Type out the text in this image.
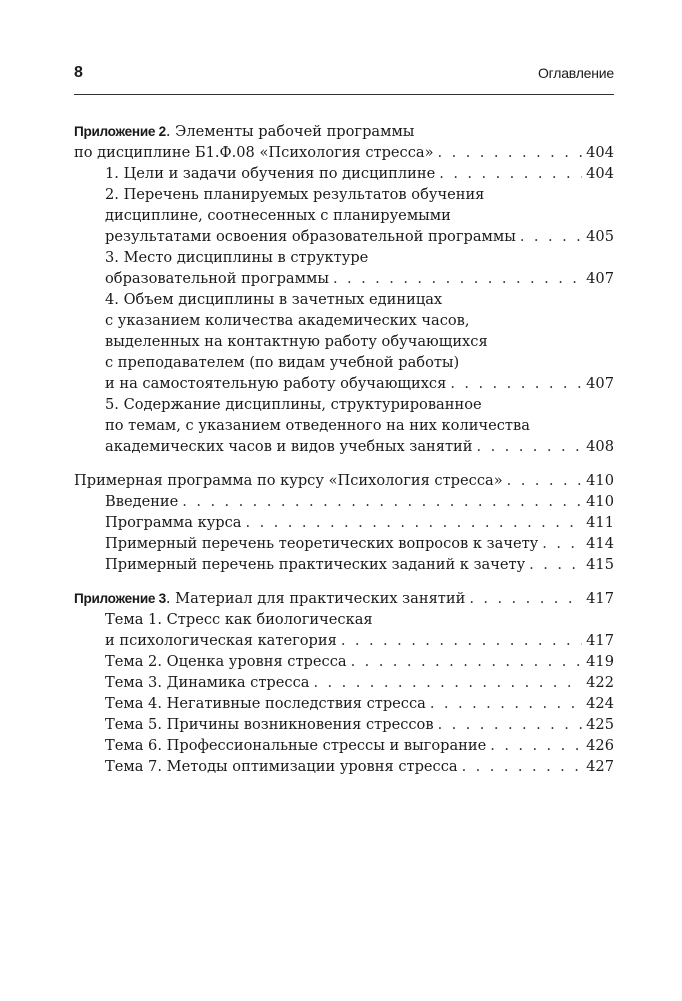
8	Оглавление
Приложение 2. Элементы рабочей программы
по дисциплине Б1.Ф.08 «Психология стресса» . . .	404
1. Цели и задачи обучения по дисциплине . . .	404
2. Перечень планируемых результатов обучения
дисциплине, соотнесенных с планируемыми
результатами освоения образовательной программы . . .	405
3. Место дисциплины в структуре
образовательной программы . . .	407
4. Объем дисциплины в зачетных единицах
с указанием количества академических часов,
выделенных на контактную работу обучающихся
с преподавателем (по видам учебной работы)
и на самостоятельную работу обучающихся . . .	407
5. Содержание дисциплины, структурированное
по темам, с указанием отведенного на них количества
академических часов и видов учебных занятий . . .	408
Примерная программа по курсу «Психология стресса» . . .	410
Введение . . .	410
Программа курса . . .	411
Примерный перечень теоретических вопросов к зачету . . .	414
Примерный перечень практических заданий к зачету . . .	415
Приложение 3. Материал для практических занятий . . .	417
Тема 1. Стресс как биологическая
и психологическая категория . . .	417
Тема 2. Оценка уровня стресса . . .	419
Тема 3. Динамика стресса . . .	422
Тема 4. Негативные последствия стресса . . .	424
Тема 5. Причины возникновения стрессов . . .	425
Тема 6. Профессиональные стрессы и выгорание . . .	426
Тема 7. Методы оптимизации уровня стресса . . .	427
